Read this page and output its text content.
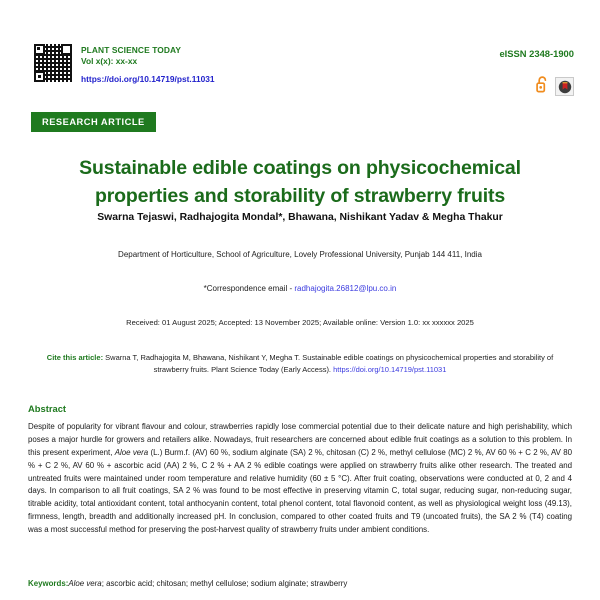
PLANT SCIENCE TODAY
Vol x(x): xx-xx
https://doi.org/10.14719/pst.11031
RESEARCH ARTICLE
eISSN 2348-1900
Sustainable edible coatings on physicochemical properties and storability of strawberry fruits
Swarna Tejaswi, Radhajogita Mondal*, Bhawana, Nishikant Yadav & Megha Thakur
Department of Horticulture, School of Agriculture, Lovely Professional University, Punjab 144 411, India
*Correspondence email - radhajogita.26812@lpu.co.in
Received: 01 August 2025; Accepted: 13 November 2025; Available online: Version 1.0: xx xxxxxx 2025
Cite this article: Swarna T, Radhajogita M, Bhawana, Nishikant Y, Megha T. Sustainable edible coatings on physicochemical properties and storability of strawberry fruits. Plant Science Today (Early Access). https://doi.org/10.14719/pst.11031
Abstract
Despite of popularity for vibrant flavour and colour, strawberries rapidly lose commercial potential due to their delicate nature and high perishability, which poses a major hurdle for growers and retailers alike. Nowadays, fruit researchers are concerned about edible fruit coatings as a solution to this problem. In this present experiment, Aloe vera (L.) Burm.f. (AV) 60 %, sodium alginate (SA) 2 %, chitosan (C) 2 %, methyl cellulose (MC) 2 %, AV 60 % + C 2 %, AV 80 % + C 2 %, AV 60 % + ascorbic acid (AA) 2 %, C 2 % + AA 2 % edible coatings were applied on strawberry fruits alike other research. The treated and untreated fruits were maintained under room temperature and relative humidity (60 ± 5 °C). After fruit coating, observations were conducted at 0, 2 and 4 days. In comparison to all fruit coatings, SA 2 % was found to be most effective in preserving vitamin C, total sugar, reducing sugar, non-reducing sugar, titrable acidity, total antioxidant content, total anthocyanin content, total phenol content, total flavonoid content, as well as physiological weight loss (49.13), firmness, length, breadth and additionally increased pH. In conclusion, compared to other coated fruits and T9 (uncoated fruits), the SA 2 % (T4) coating was a most successful method for preserving the post-harvest quality of strawberry fruits under ambient conditions.
Keywords:Aloe vera; ascorbic acid; chitosan; methyl cellulose; sodium alginate; strawberry
